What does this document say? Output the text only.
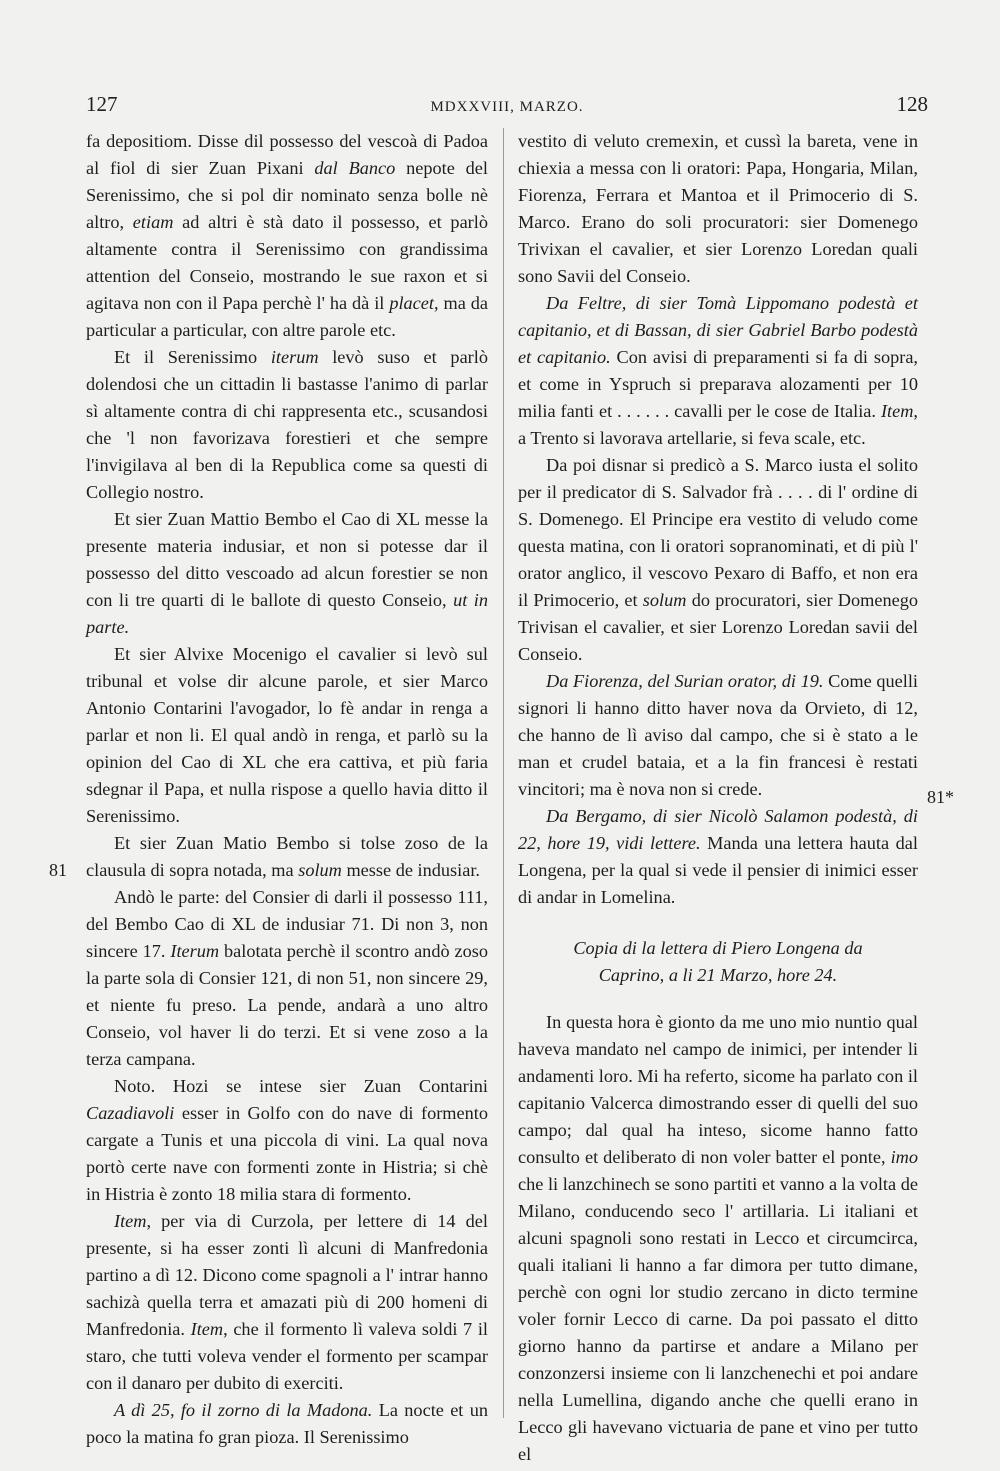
127	MDXXVIII, MARZO.	128
81
81*

fa depositiom. Disse dil possesso del vescoà di Padoa al fiol di sier Zuan Pixani dal Banco nepote del Serenissimo, che si pol dir nominato senza bolle nè altro, etiam ad altri è stà dato il possesso, et parlò altamente contra il Serenissimo con grandissima attention del Conseio, mostrando le sue raxon et si agitava non con il Papa perchè l' ha dà il placet, ma da particular a particular, con altre parole etc.

Et il Serenissimo iterum levò suso et parlò dolendosi che un cittadin li bastasse l'animo di parlar sì altamente contra di chi rappresenta etc., scusandosi che 'l non favorizava forestieri et che sempre l'invigilava al ben di la Republica come sa questi di Collegio nostro.

Et sier Zuan Mattio Bembo el Cao di XL messe la presente materia indusiar, et non si potesse dar il possesso del ditto vescoado ad alcun forestier se non con li tre quarti di le ballote di questo Conseio, ut in parte.

Et sier Alvixe Mocenigo el cavalier si levò sul tribunal et volse dir alcune parole, et sier Marco Antonio Contarini l'avogador, lo fè andar in renga a parlar et non li. El qual andò in renga, et parlò su la opinion del Cao di XL che era cattiva, et più faria sdegnar il Papa, et nulla rispose a quello havia ditto il Serenissimo.

Et sier Zuan Matio Bembo si tolse zoso de la clausula di sopra notada, ma solum messe de indusiar.

Andò le parte: del Consier di darli il possesso 111, del Bembo Cao di XL de indusiar 71. Di non 3, non sincere 17. Iterum balotata perchè il scontro andò zoso la parte sola di Consier 121, di non 51, non sincere 29, et niente fu preso. La pende, andarà a uno altro Conseio, vol haver li do terzi. Et si vene zoso a la terza campana.

Noto. Hozi se intese sier Zuan Contarini Cazadiavoli esser in Golfo con do nave di formento cargate a Tunis et una piccola di vini. La qual nova portò certe nave con formenti zonte in Histria; si chè in Histria è zonto 18 milia stara di formento.

Item, per via di Curzola, per lettere di 14 del presente, si ha esser zonti lì alcuni di Manfredonia partino a dì 12. Dicono come spagnoli a l' intrar hanno sachizà quella terra et amazati più di 200 homeni di Manfredonia. Item, che il formento lì valeva soldi 7 il staro, che tutti voleva vender el formento per scampar con il danaro per dubito di exerciti.

A dì 25, fo il zorno di la Madona. La nocte et un poco la matina fo gran pioza. Il Serenissimo

vestito di veluto cremexin, et cussì la bareta, vene in chiexia a messa con li oratori: Papa, Hongaria, Milan, Fiorenza, Ferrara et Mantoa et il Primocerio di S. Marco. Erano do soli procuratori: sier Domenego Trivixan el cavalier, et sier Lorenzo Loredan quali sono Savii del Conseio.

Da Feltre, di sier Tomà Lippomano podestà et capitanio, et di Bassan, di sier Gabriel Barbo podestà et capitanio. Con avisi di preparamenti si fa di sopra, et come in Yspruch si preparava alozamenti per 10 milia fanti et . . . . . . cavalli per le cose de Italia. Item, a Trento si lavorava artellarie, si feva scale, etc.

Da poi disnar si predicò a S. Marco iusta el solito per il predicator di S. Salvador frà . . . . di l' ordine di S. Domenego. El Principe era vestito di veludo come questa matina, con li oratori sopranominati, et di più l' orator anglico, il vescovo Pexaro di Baffo, et non era il Primocerio, et solum do procuratori, sier Domenego Trivisan el cavalier, et sier Lorenzo Loredan savii del Conseio.

Da Fiorenza, del Surian orator, di 19. Come quelli signori li hanno ditto haver nova da Orvieto, di 12, che hanno de lì aviso dal campo, che si è stato a le man et crudel bataia, et a la fin francesi è restati vincitori; ma è nova non si crede.

Da Bergamo, di sier Nicolò Salamon podestà, di 22, hore 19, vidi lettere. Manda una lettera hauta dal Longena, per la qual si vede il pensier di inimici esser di andar in Lomelina.

Copia di la lettera di Piero Longena da Caprino, a li 21 Marzo, hore 24.

In questa hora è gionto da me uno mio nuntio qual haveva mandato nel campo de inimici, per intender li andamenti loro. Mi ha referto, sicome ha parlato con il capitanio Valcerca dimostrando esser di quelli del suo campo; dal qual ha inteso, sicome hanno fatto consulto et deliberato di non voler batter el ponte, imo che li lanzchinech se sono partiti et vanno a la volta de Milano, conducendo seco l' artillaria. Li italiani et alcuni spagnoli sono restati in Lecco et circumcirca, quali italiani li hanno a far dimora per tutto dimane, perchè con ogni lor studio zercano in dicto termine voler fornir Lecco di carne. Da poi passato el ditto giorno hanno da partirse et andare a Milano per conzonzersi insieme con li lanzchenechi et poi andare nella Lumellina, digando anche che quelli erano in Lecco gli havevano victuaria de pane et vino per tutto el
